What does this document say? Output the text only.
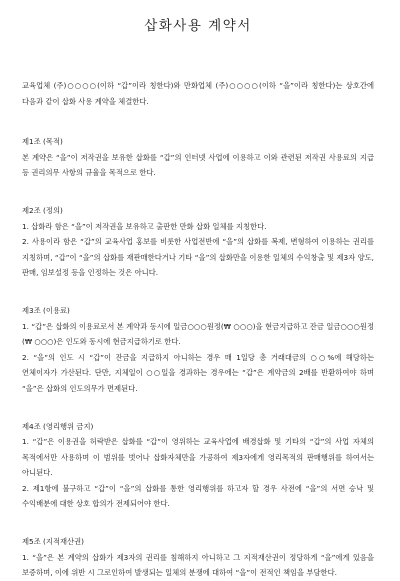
삽화사용 계약서

교육업체 (주)○○○○(이하 “갑”이라 칭한다)와 만화업체 (주)○○○○(이하 “을”이라 칭한다)는 상호간에 다음과 같이 삽화 사용 계약을 체결한다.

제1조 (목적)

본 계약은 “을”이 저작권을 보유한 삽화를 “갑”의 인터넷 사업에 이용하고 이와 관련된 저작권 사용료의 지급 등 권리의무 사항의 규율을 목적으로 한다.

제2조 (정의)

1. 삽화라 함은 “을”이 저작권을 보유하고 출판한 만화 삽화 일체를 지칭한다.

2. 사용이라 함은 “갑”의 교육사업 홍보를 비롯한 사업전반에 “을”의 삽화를 복제, 변형하여 이용하는 권리를 지칭하며, “갑”이 “을”의 삽화를 재판매한다거나 기타 “을”의 삽화만을 이용한 일체의 수익창출 및 제3자 양도, 판매, 임보설정 등을 인정하는 것은 아니다.

제3조 (이용료)

1. “갑”은 삽화의 이용료로서 본 계약과 동시에 일금○○○원정(₩ ○○○)을 현금지급하고 잔금 일금○○○원정(₩ ○○○)은 인도와 동시에 현금지급하기로 한다.

2. “을”의 인도 시 “갑”이 잔금을 지급하지 아니하는 경우 매 1일당 총 거래대금의 ○○%에 해당하는 연체이자가 가산된다. 단만, 지체일이 ○○일을 경과하는 경우에는 “갑”은 계약금의 2배를 반환하여야 하며 “을”은 삽화의 인도의무가 면제된다.

제4조 (영리행위 금지)

1. “갑”은 이용권을 허락받은 삽화를 “갑”이 영위하는 교육사업에 배경삽화 및 기타의 “갑”의 사업 자체의 목적에서만 사용하며 이 범위를 벗어나 삽화자체만을 가공하여 제3자에게 영리목적의 판매행위를 하여서는 아니된다.

2. 제1항에 불구하고 “갑”이 “을”의 삽화를 통한 영리행위를 하고자 할 경우 사전에 “을”의 서면 승낙 및 수익배분에 대한 상호 합의가 전제되어야 한다.

제5조 (지적재산권)

1. “을”은 본 계약의 삽화가 제3자의 권리를 침해하지 아니하고 그 지적재산권이 정당하게 “을”에게 있음을 보증하며, 이에 위반 시 그로인하여 발생되는 일체의 분쟁에 대하여 “을”이 전적인 책임을 부담한다.
